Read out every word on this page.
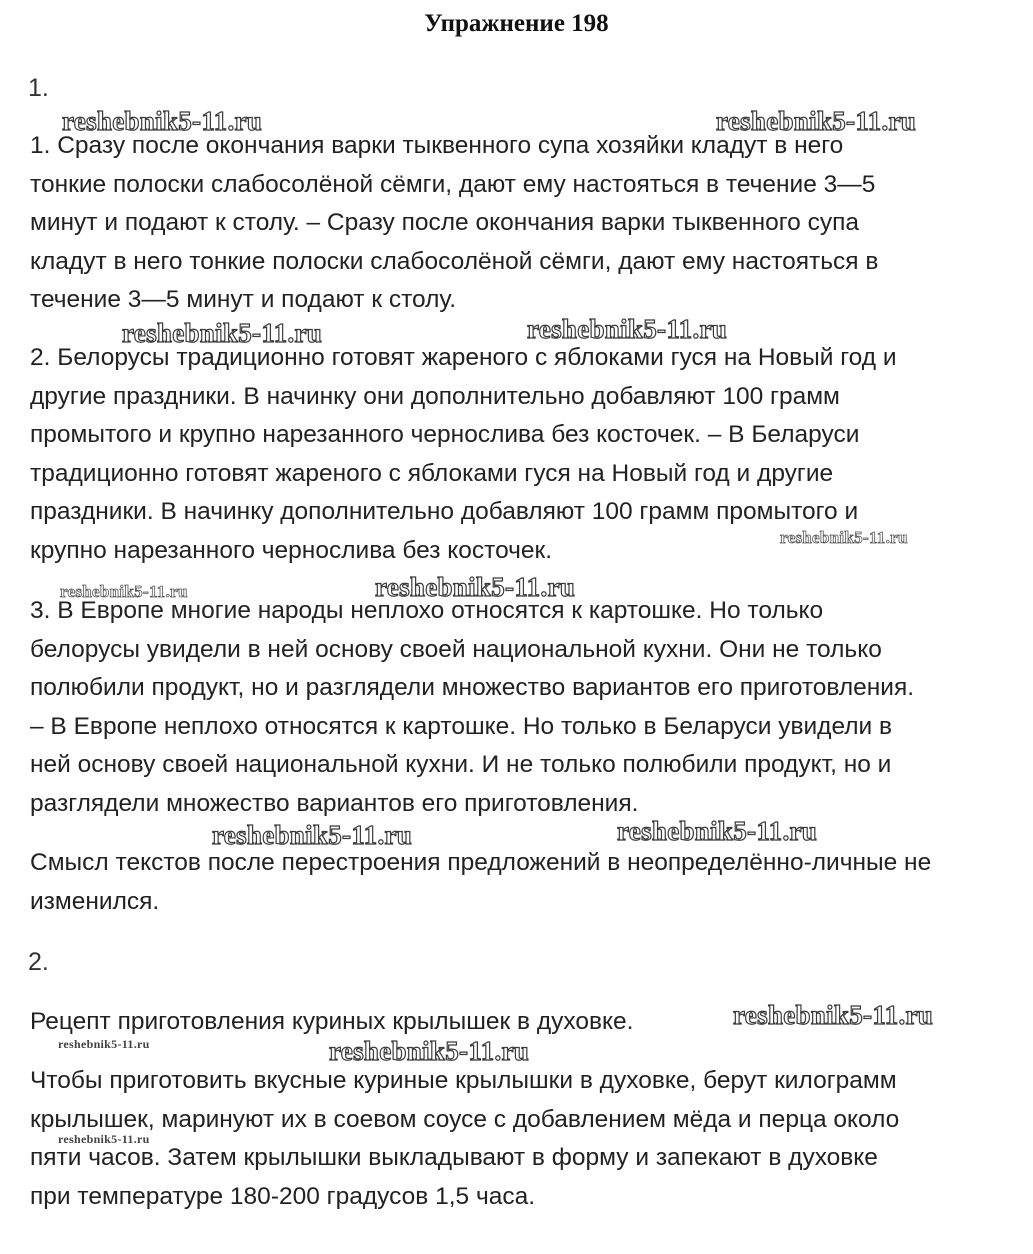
Упражнение 198
1.
1. Сразу после окончания варки тыквенного супа хозяйки кладут в него
тонкие полоски слабосолёной сёмги, дают ему настояться в течение 3—5
минут и подают к столу. – Сразу после окончания варки тыквенного супа
кладут в него тонкие полоски слабосолёной сёмги, дают ему настояться в
течение 3—5 минут и подают к столу.
2. Белорусы традиционно готовят жареного с яблоками гуся на Новый год и
другие праздники. В начинку они дополнительно добавляют 100 грамм
промытого и крупно нарезанного чернослива без косточек. – В Беларуси
традиционно готовят жареного с яблоками гуся на Новый год и другие
праздники. В начинку дополнительно добавляют 100 грамм промытого и
крупно нарезанного чернослива без косточек.
3. В Европе многие народы неплохо относятся к картошке. Но только
белорусы увидели в ней основу своей национальной кухни. Они не только
полюбили продукт, но и разглядели множество вариантов его приготовления.
– В Европе неплохо относятся к картошке. Но только в Беларуси увидели в
ней основу своей национальной кухни. И не только полюбили продукт, но и
разглядели множество вариантов его приготовления.
Смысл текстов после перестроения предложений в неопределённо-личные не
изменился.
2.
Рецепт приготовления куриных крылышек в духовке.
Чтобы приготовить вкусные куриные крылышки в духовке, берут килограмм
крылышек, маринуют их в соевом соусе с добавлением мёда и перца около
пяти часов. Затем крылышки выкладывают в форму и запекают в духовке
при температуре 180-200 градусов 1,5 часа.
reshebnik5-11.ru	reshebnik5-11.ru
reshebnik5-11.ru	reshebnik5-11.ru
reshebnik5-11.ru
reshebnik5-11.ru	reshebnik5-11.ru
reshebnik5-11.ru	reshebnik5-11.ru
reshebnik5-11.ru
reshebnik5-11.ru	reshebnik5-11.ru
reshebnik5-11.ru
